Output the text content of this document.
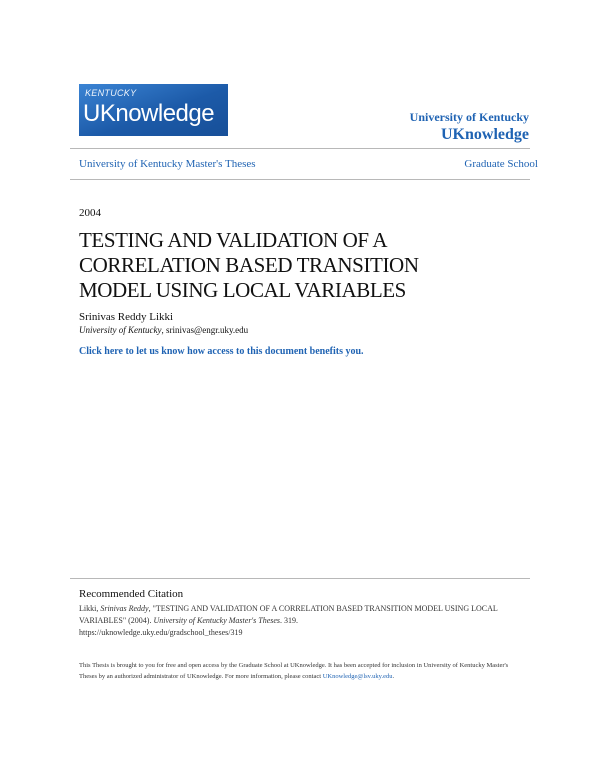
KENTUCKY
UKnowledge	University of Kentucky
UKnowledge
University of Kentucky Master's Theses	Graduate School
2004
TESTING AND VALIDATION OF A CORRELATION BASED TRANSITION MODEL USING LOCAL VARIABLES
Srinivas Reddy Likki
University of Kentucky, srinivas@engr.uky.edu
Click here to let us know how access to this document benefits you.
Recommended Citation
Likki, Srinivas Reddy, "TESTING AND VALIDATION OF A CORRELATION BASED TRANSITION MODEL USING LOCAL VARIABLES" (2004). University of Kentucky Master's Theses. 319.
https://uknowledge.uky.edu/gradschool_theses/319
This Thesis is brought to you for free and open access by the Graduate School at UKnowledge. It has been accepted for inclusion in University of Kentucky Master's Theses by an authorized administrator of UKnowledge. For more information, please contact UKnowledge@lsv.uky.edu.
